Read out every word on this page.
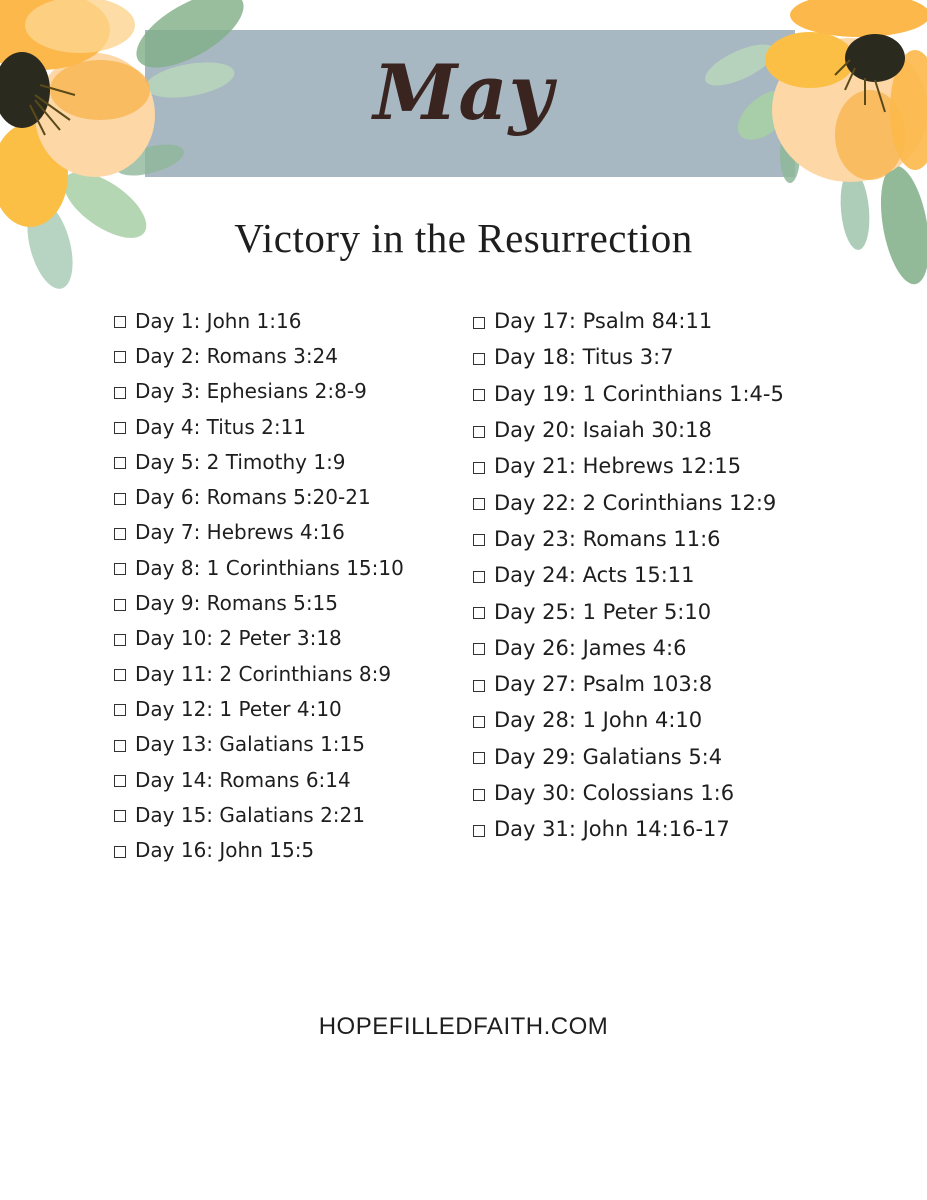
May
Victory in the Resurrection
Day 1: John 1:16
Day 2: Romans 3:24
Day 3: Ephesians 2:8-9
Day 4: Titus 2:11
Day 5: 2 Timothy 1:9
Day 6: Romans 5:20-21
Day 7: Hebrews 4:16
Day 8: 1 Corinthians 15:10
Day 9: Romans 5:15
Day 10: 2 Peter 3:18
Day 11: 2 Corinthians 8:9
Day 12: 1 Peter 4:10
Day 13: Galatians 1:15
Day 14: Romans 6:14
Day 15: Galatians 2:21
Day 16: John 15:5
Day 17: Psalm 84:11
Day 18: Titus 3:7
Day 19: 1 Corinthians 1:4-5
Day 20: Isaiah 30:18
Day 21: Hebrews 12:15
Day 22: 2 Corinthians 12:9
Day 23: Romans 11:6
Day 24: Acts 15:11
Day 25: 1 Peter 5:10
Day 26: James 4:6
Day 27: Psalm 103:8
Day 28: 1 John 4:10
Day 29: Galatians 5:4
Day 30: Colossians 1:6
Day 31: John 14:16-17
HOPEFILLEDFAITH.COM
